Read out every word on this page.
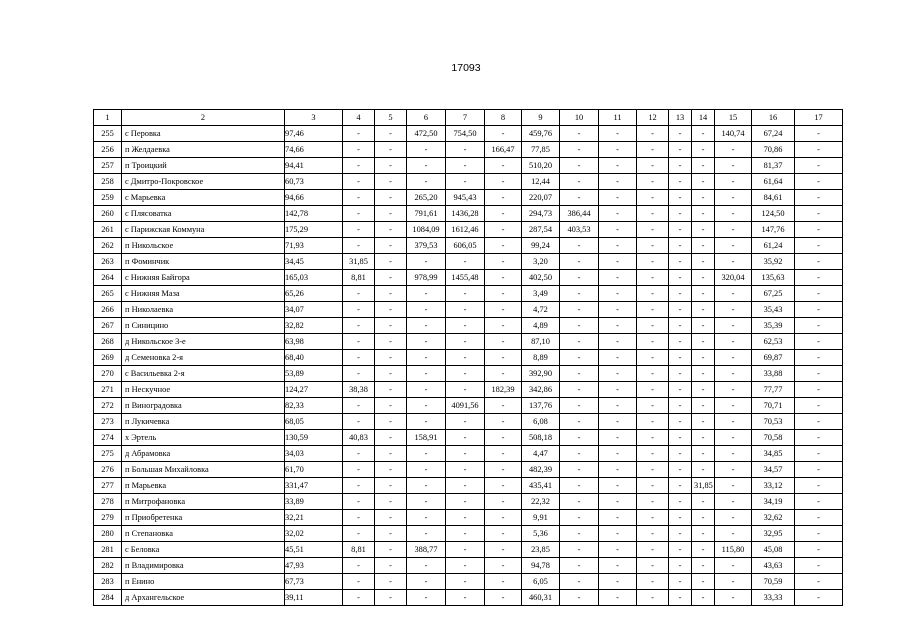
17093
1	2	3	4	5	6	7	8	9	10	11	12	13	14	15	16	17
255	с Перовка	97,46	-	-	472,50	754,50	-	459,76	-	-	-	-	-	140,74	67,24	-
256	п Желдаевка	74,66	-	-	-	-	166,47	77,85	-	-	-	-	-	-	70,86	-
257	п Троицкий	94,41	-	-	-	-	-	510,20	-	-	-	-	-	-	81,37	-
258	с Дмитро-Покровское	60,73	-	-	-	-	-	12,44	-	-	-	-	-	-	61,64	-
259	с Марьевка	94,66	-	-	265,20	945,43	-	220,07	-	-	-	-	-	-	84,61	-
260	с Плясоватка	142,78	-	-	791,61	1436,28	-	294,73	386,44	-	-	-	-	-	124,50	-
261	с Парижская Коммуна	175,29	-	-	1084,09	1612,46	-	287,54	403,53	-	-	-	-	-	147,76	-
262	п Никольское	71,93	-	-	379,53	606,05	-	99,24	-	-	-	-	-	-	61,24	-
263	п Фоминчик	34,45	31,85	-	-	-	-	3,20	-	-	-	-	-	-	35,92	-
264	с Нижняя Байгора	165,03	8,81	-	978,99	1455,48	-	402,50	-	-	-	-	-	320,04	135,63	-
265	с Нижняя Мазa	65,26	-	-	-	-	-	3,49	-	-	-	-	-	-	67,25	-
266	п Николаевка	34,07	-	-	-	-	-	4,72	-	-	-	-	-	-	35,43	-
267	п Синицино	32,82	-	-	-	-	-	4,89	-	-	-	-	-	-	35,39	-
268	д Никольское 3-е	63,98	-	-	-	-	-	87,10	-	-	-	-	-	-	62,53	-
269	д Семеновка 2-я	68,40	-	-	-	-	-	8,89	-	-	-	-	-	-	69,87	-
270	с Васильевка 2-я	53,89	-	-	-	-	-	392,90	-	-	-	-	-	-	33,88	-
271	п Нескучное	124,27	38,38	-	-	-	182,39	342,86	-	-	-	-	-	-	77,77	-
272	п Виноградовка	82,33	-	-	-	4091,56	-	137,76	-	-	-	-	-	-	70,71	-
273	п Лукичевка	68,05	-	-	-	-	-	6,08	-	-	-	-	-	-	70,53	-
274	х Эртель	130,59	40,83	-	158,91	-	-	508,18	-	-	-	-	-	-	70,58	-
275	д Абрамовка	34,03	-	-	-	-	-	4,47	-	-	-	-	-	-	34,85	-
276	п Большая Михайловка	61,70	-	-	-	-	-	482,39	-	-	-	-	-	-	34,57	-
277	п Марьевка	331,47	-	-	-	-	-	435,41	-	-	-	-	31,85	-	33,12	-
278	п Митрофановка	33,89	-	-	-	-	-	22,32	-	-	-	-	-	-	34,19	-
279	п Приобретенка	32,21	-	-	-	-	-	9,91	-	-	-	-	-	-	32,62	-
280	п Степановка	32,02	-	-	-	-	-	5,36	-	-	-	-	-	-	32,95	-
281	с Беловка	45,51	8,81	-	388,77	-	-	23,85	-	-	-	-	-	115,80	45,08	-
282	п Владимировка	47,93	-	-	-	-	-	94,78	-	-	-	-	-	-	43,63	-
283	п Енино	67,73	-	-	-	-	-	6,05	-	-	-	-	-	-	70,59	-
284	д Архангельское	39,11	-	-	-	-	-	460,31	-	-	-	-	-	-	33,33	-
